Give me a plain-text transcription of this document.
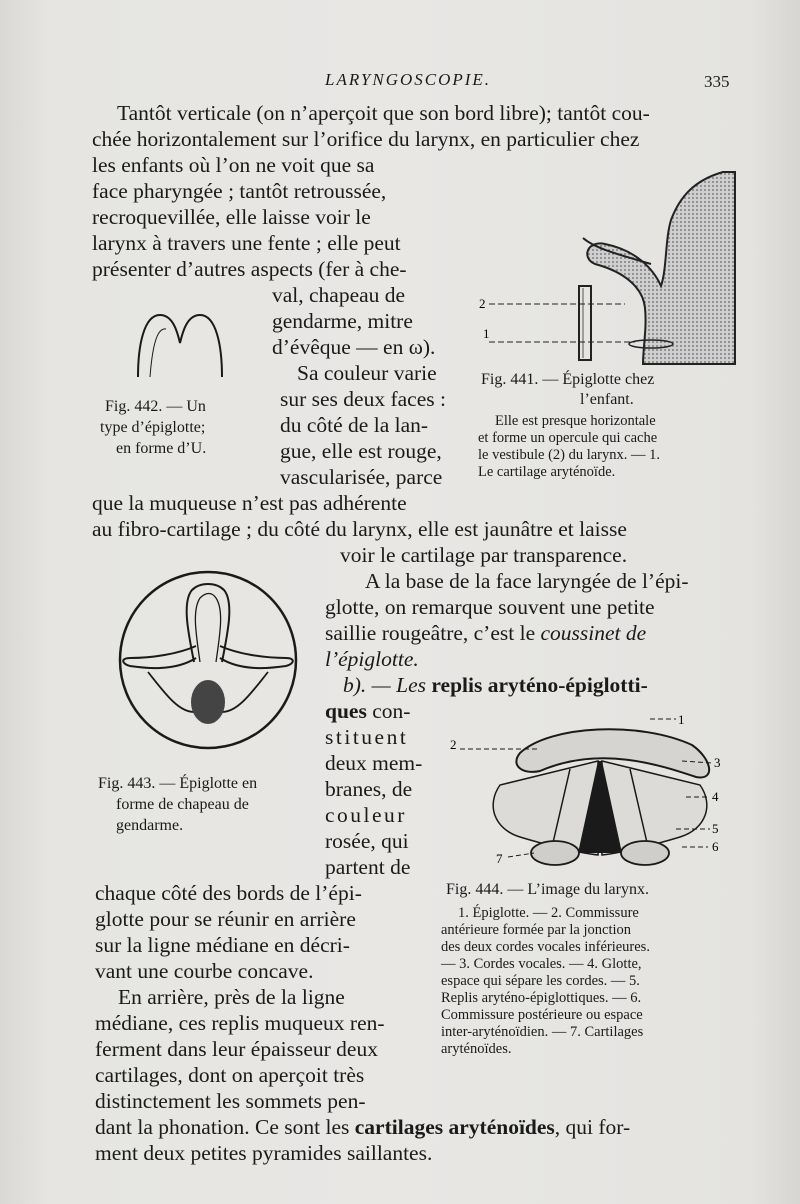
LARYNGOSCOPIE.	335
Tantôt verticale (on n’aperçoit que son bord libre); tantôt cou-
chée horizontalement sur l’orifice du larynx, en particulier chez
les enfants où l’on ne voit que sa
face pharyngée ; tantôt retroussée,
recroquevillée, elle laisse voir le
larynx à travers une fente ; elle peut
présenter d’autres aspects (fer à che-
val, chapeau de
gendarme, mitre
d’évêque — en ω).
Sa couleur varie
sur ses deux faces :
du côté de la lan-
gue, elle est rouge,
vascularisée, parce
que la muqueuse n’est pas adhérente
au fibro-cartilage ; du côté du larynx, elle est jaunâtre et laisse
voir le cartilage par transparence.
A la base de la face laryngée de l’épi-
glotte, on remarque souvent une petite
saillie rougeâtre, c’est le coussinet de
l’épiglotte.
b). — Les replis aryténo-épiglotti-
ques con-
stituent
deux mem-
branes, de
couleur
rosée, qui
partent de
chaque côté des bords de l’épi-
glotte pour se réunir en arrière
sur la ligne médiane en décri-
vant une courbe concave.
En arrière, près de la ligne
médiane, ces replis muqueux ren-
ferment dans leur épaisseur deux
cartilages, dont on aperçoit très
distinctement les sommets pen-
dant la phonation. Ce sont les cartilages aryténoïdes, qui for-
ment deux petites pyramides saillantes.
2
1
Fig. 441. — Épiglotte chez
l’enfant.
Elle est presque horizontale
et forme un opercule qui cache
le vestibule (2) du larynx. — 1.
Le cartilage aryténoïde.
Fig. 442. — Un
type d’épiglotte;
en forme d’U.
Fig. 443. — Épiglotte en
forme de chapeau de
gendarme.
1
2
3
4
5
6
7
Fig. 444. — L’image du larynx.
1. Épiglotte. — 2. Commissure
antérieure formée par la jonction
des deux cordes vocales inférieures.
— 3. Cordes vocales. — 4. Glotte,
espace qui sépare les cordes. — 5.
Replis aryténo-épiglottiques. — 6.
Commissure postérieure ou espace
inter-aryténoïdien. — 7. Cartilages
aryténoïdes.
